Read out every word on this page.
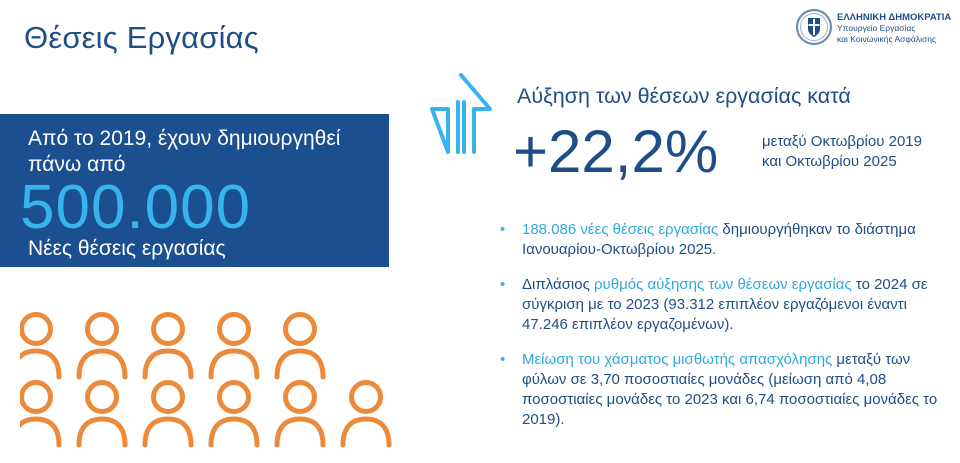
Θέσεις Εργασίας
ΕΛΛΗΝΙΚΗ ΔΗΜΟΚΡΑΤΙΑ
Υπουργείο Εργασίας
και Κοινωνικής Ασφάλισης
Από το 2019, έχουν δημιουργηθεί πάνω από
500.000
Νέες θέσεις εργασίας
Αύξηση των θέσεων εργασίας κατά
+22,2%	μεταξύ Οκτωβρίου 2019
και Οκτωβρίου 2025
• 188.086 νέες θέσεις εργασίας δημιουργήθηκαν το διάστημα Ιανουαρίου-Οκτωβρίου 2025.
• Διπλάσιος ρυθμός αύξησης των θέσεων εργασίας το 2024 σε σύγκριση με το 2023 (93.312 επιπλέον εργαζόμενοι έναντι 47.246 επιπλέον εργαζομένων).
• Μείωση του χάσματος μισθωτής απασχόλησης μεταξύ των φύλων σε 3,70 ποσοστιαίες μονάδες (μείωση από 4,08 ποσοστιαίες μονάδες το 2023 και 6,74 ποσοστιαίες μονάδες το 2019).
